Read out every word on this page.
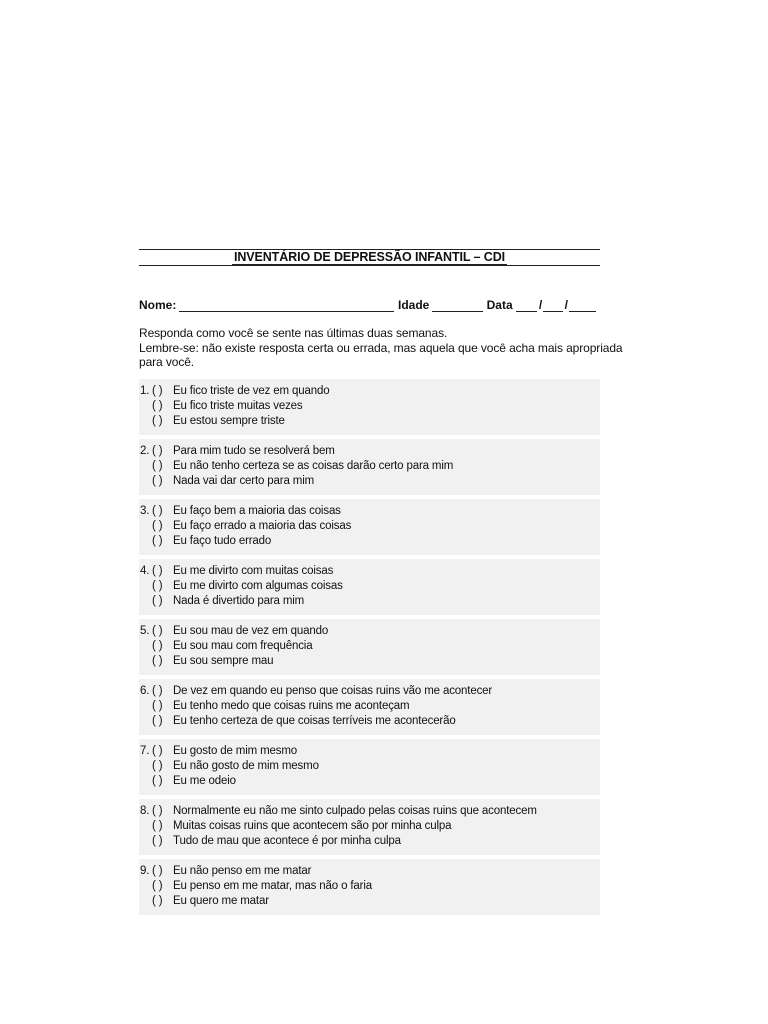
INVENTÁRIO DE DEPRESSÃO INFANTIL – CDI
Nome:	Idade	Data / /
Responda como você se sente nas últimas duas semanas.
Lembre-se: não existe resposta certa ou errada, mas aquela que você acha mais apropriada
para você.
1. ( ) Eu fico triste de vez em quando
( ) Eu fico triste muitas vezes
( ) Eu estou sempre triste
2. ( ) Para mim tudo se resolverá bem
( ) Eu não tenho certeza se as coisas darão certo para mim
( ) Nada vai dar certo para mim
3. ( ) Eu faço bem a maioria das coisas
( ) Eu faço errado a maioria das coisas
( ) Eu faço tudo errado
4. ( ) Eu me divirto com muitas coisas
( ) Eu me divirto com algumas coisas
( ) Nada é divertido para mim
5. ( ) Eu sou mau de vez em quando
( ) Eu sou mau com frequência
( ) Eu sou sempre mau
6. ( ) De vez em quando eu penso que coisas ruins vão me acontecer
( ) Eu tenho medo que coisas ruins me aconteçam
( ) Eu tenho certeza de que coisas terríveis me acontecerão
7. ( ) Eu gosto de mim mesmo
( ) Eu não gosto de mim mesmo
( ) Eu me odeio
8. ( ) Normalmente eu não me sinto culpado pelas coisas ruins que acontecem
( ) Muitas coisas ruins que acontecem são por minha culpa
( ) Tudo de mau que acontece é por minha culpa
9. ( ) Eu não penso em me matar
( ) Eu penso em me matar, mas não o faria
( ) Eu quero me matar
